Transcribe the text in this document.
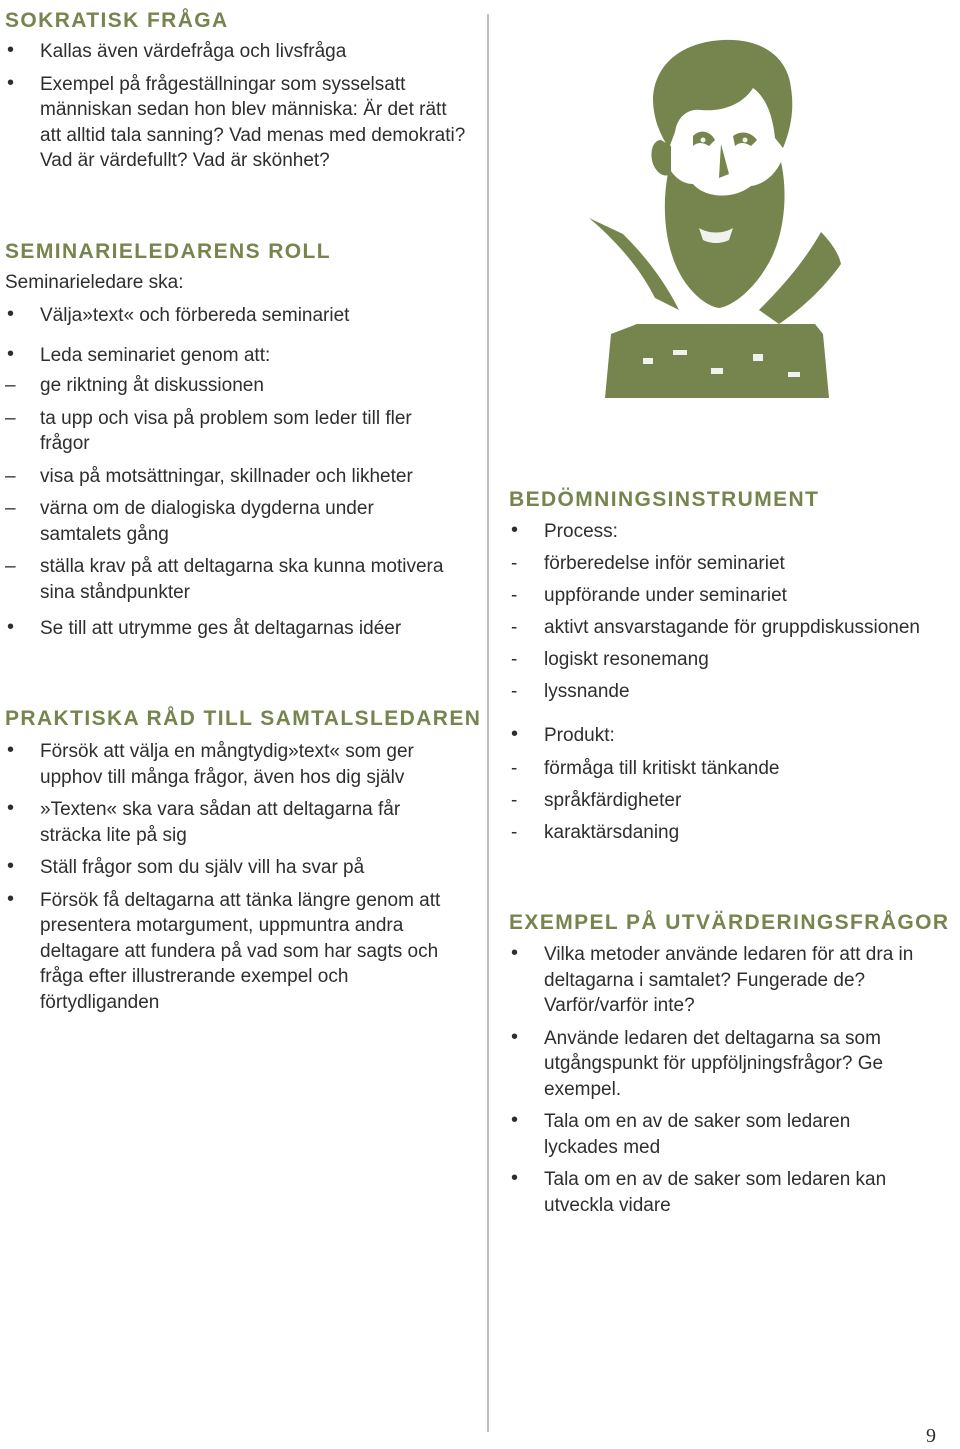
SOKRATISK FRÅGA
Kallas även värdefråga och livsfråga
Exempel på frågeställningar som sysselsatt människan sedan hon blev människa: Är det rätt att alltid tala sanning? Vad menas med demokrati? Vad är värdefullt? Vad är skönhet?
SEMINARIELEDARENS ROLL

Seminarieledare ska:

Välja»text« och förbereda seminariet
Leda seminariet genom att:
ge riktning åt diskussionen
ta upp och visa på problem som leder till fler frågor
visa på motsättningar, skillnader och likheter
värna om de dialogiska dygderna under samtalets gång
ställa krav på att deltagarna ska kunna motivera sina ståndpunkter
Se till att utrymme ges åt deltagarnas idéer
PRAKTISKA RÅD TILL SAMTALSLEDAREN
Försök att välja en mångtydig»text« som ger upphov till många frågor, även hos dig själv
»Texten« ska vara sådan att deltagarna får sträcka lite på sig
Ställ frågor som du själv vill ha svar på
Försök få deltagarna att tänka längre genom att presentera motargument, uppmuntra andra deltagare att fundera på vad som har sagts och fråga efter illustrerande exempel och förtydliganden
BEDÖMNINGSINSTRUMENT
Process:
förberedelse inför seminariet
uppförande under seminariet
aktivt ansvarstagande för gruppdiskussionen
logiskt resonemang
lyssnande
Produkt:
förmåga till kritiskt tänkande
språkfärdigheter
karaktärsdaning
EXEMPEL PÅ UTVÄRDERINGSFRÅGOR
Vilka metoder använde ledaren för att dra in deltagarna i samtalet? Fungerade de? Varför/varför inte?
Använde ledaren det deltagarna sa som utgångspunkt för uppföljningsfrågor? Ge exempel.
Tala om en av de saker som ledaren lyckades med
Tala om en av de saker som ledaren kan utveckla vidare
9
